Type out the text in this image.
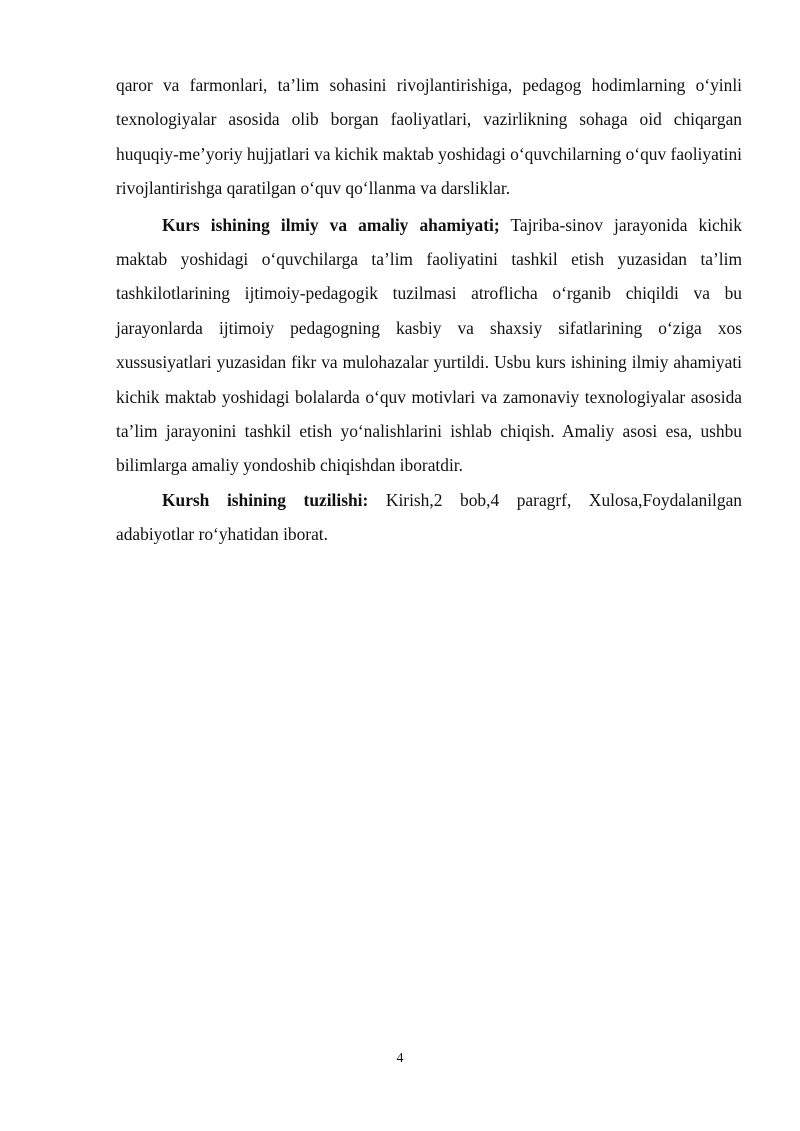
qaror va farmonlari, ta’lim sohasini rivojlantirishiga, pedagog hodimlarning o‘yinli texnologiyalar asosida olib borgan faoliyatlari, vazirlikning sohaga oid chiqargan huquqiy-me’yoriy hujjatlari va kichik maktab yoshidagi o‘quvchilarning o‘quv faoliyatini rivojlantirishga qaratilgan o‘quv qo‘llanma va darsliklar.

Kurs ishining ilmiy va amaliy ahamiyati; Tajriba-sinov jarayonida kichik maktab yoshidagi o‘quvchilarga ta’lim faoliyatini tashkil etish yuzasidan ta’lim tashkilotlarining ijtimoiy-pedagogik tuzilmasi atroflicha o‘rganib chiqildi va bu jarayonlarda ijtimoiy pedagogning kasbiy va shaxsiy sifatlarining o‘ziga xos xussusiyatlari yuzasidan fikr va mulohazalar yurtildi. Usbu kurs ishining ilmiy ahamiyati kichik maktab yoshidagi bolalarda o‘quv motivlari va zamonaviy texnologiyalar asosida ta’lim jarayonini tashkil etish yo‘nalishlarini ishlab chiqish. Amaliy asosi esa, ushbu bilimlarga amaliy yondoshib chiqishdan iboratdir.

Kursh ishining tuzilishi: Kirish,2 bob,4 paragrf, Xulosa,Foydalanilgan adabiyotlar ro‘yhatidan iborat.

4
